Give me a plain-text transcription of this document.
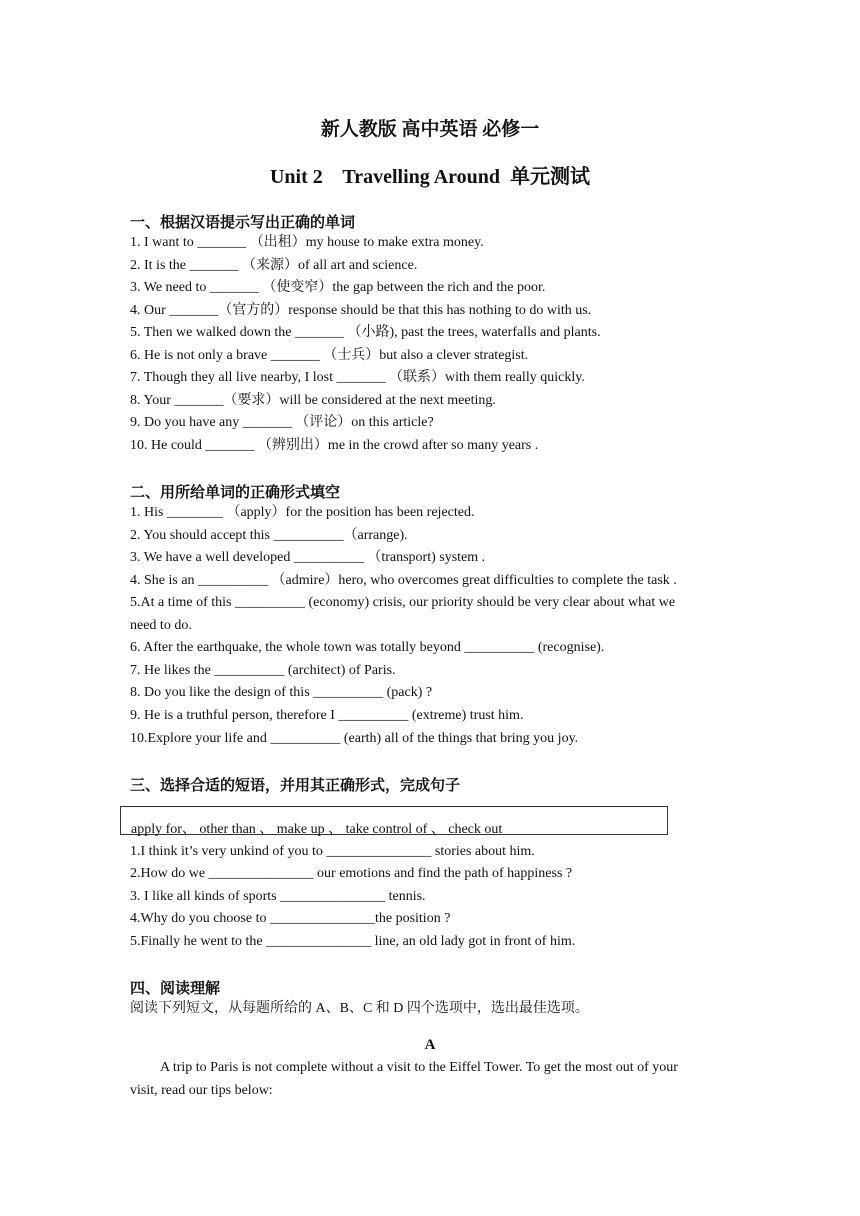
新人教版 高中英语 必修一
Unit 2    Travelling Around  单元测试
一、根据汉语提示写出正确的单词
1. I want to _______ （出租）my house to make extra money.
2. It is the _______ （来源）of all art and science.
3. We need to _______ （使变窄）the gap between the rich and the poor.
4. Our _______（官方的）response should be that this has nothing to do with us.
5. Then we walked down the _______ （小路), past the trees, waterfalls and plants.
6. He is not only a brave _______ （士兵）but also a clever strategist.
7. Though they all live nearby, I lost _______ （联系）with them really quickly.
8. Your _______（要求）will be considered at the next meeting.
9. Do you have any _______ （评论）on this article?
10. He could _______ （辨别出）me in the crowd after so many years .
二、用所给单词的正确形式填空
1. His ________ （apply）for the position has been rejected.
2. You should accept this __________（arrange).
3. We have a well developed __________ （transport) system .
4. She is an __________ （admire）hero, who overcomes great difficulties to complete the task .
5.At a time of this __________ (economy) crisis, our priority should be very clear about what we
need to do.
6. After the earthquake, the whole town was totally beyond __________ (recognise).
7. He likes the __________ (architect) of Paris.
8. Do you like the design of this __________ (pack) ?
9. He is a truthful person, therefore I __________ (extreme) trust him.
10.Explore your life and __________ (earth) all of the things that bring you joy.
三、选择合适的短语，并用其正确形式，完成句子
apply for、 other than 、 make up 、 take control of 、 check out
1.I think it’s very unkind of you to _______________ stories about him.
2.How do we _______________ our emotions and find the path of happiness ?
3. I like all kinds of sports _______________ tennis.
4.Why do you choose to _______________the position ?
5.Finally he went to the _______________ line, an old lady got in front of him.
四、阅读理解
阅读下列短文，从每题所给的 A、B、C 和 D 四个选项中，选出最佳选项。
A
A trip to Paris is not complete without a visit to the Eiffel Tower. To get the most out of your
visit, read our tips below:
